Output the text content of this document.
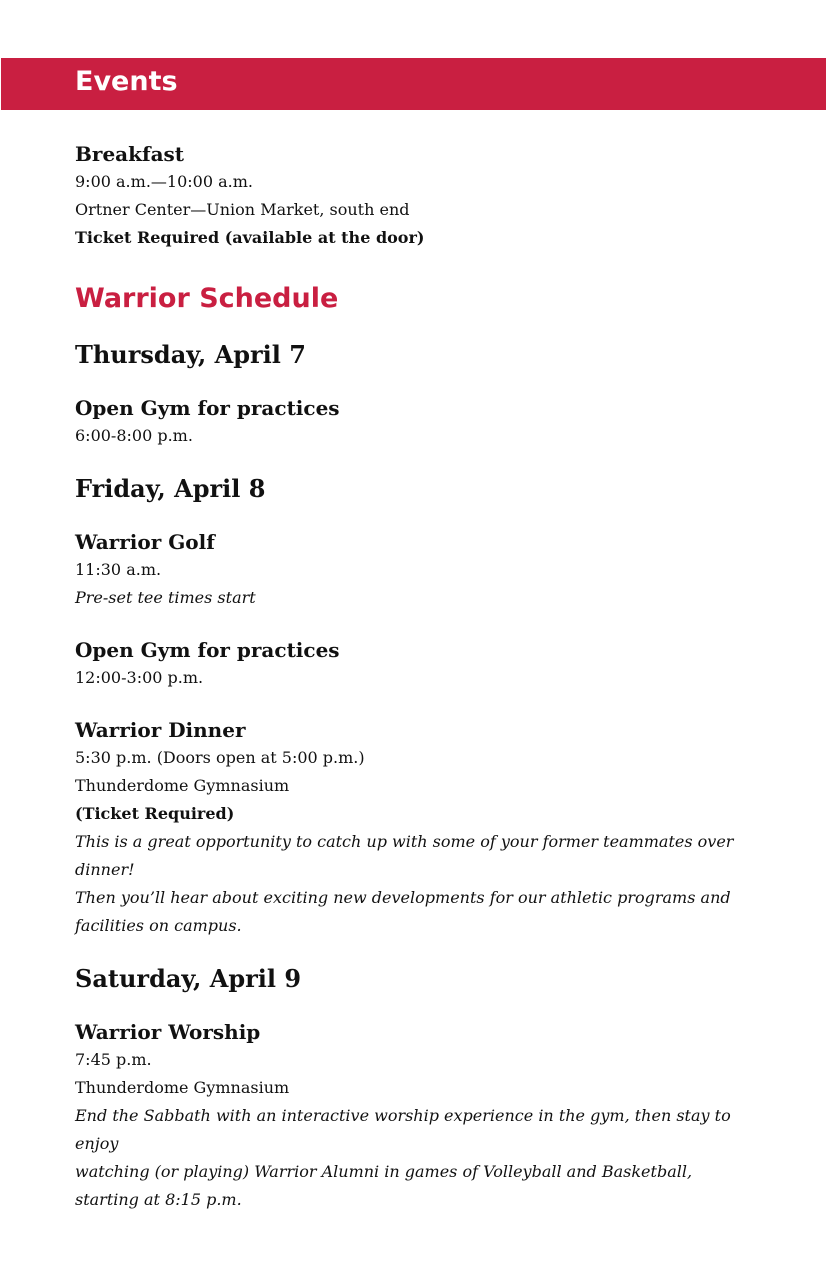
Events

Breakfast

9:00 a.m.—10:00 a.m.

Ortner Center—Union Market, south end

Ticket Required (available at the door)

Warrior Schedule
Thursday, April 7

Open Gym for practices

6:00-8:00 p.m.

Friday, April 8

Warrior Golf

11:30 a.m.

Pre-set tee times start

Open Gym for practices

12:00-3:00 p.m.

Warrior Dinner

5:30 p.m. (Doors open at 5:00 p.m.)

Thunderdome Gymnasium

(Ticket Required)

This is a great opportunity to catch up with some of your former teammates over dinner!

Then you’ll hear about exciting new developments for our athletic programs and

facilities on campus.

Saturday, April 9

Warrior Worship

7:45 p.m.

Thunderdome Gymnasium

End the Sabbath with an interactive worship experience in the gym, then stay to enjoy

watching (or playing) Warrior Alumni in games of Volleyball and Basketball,

starting at 8:15 p.m.
